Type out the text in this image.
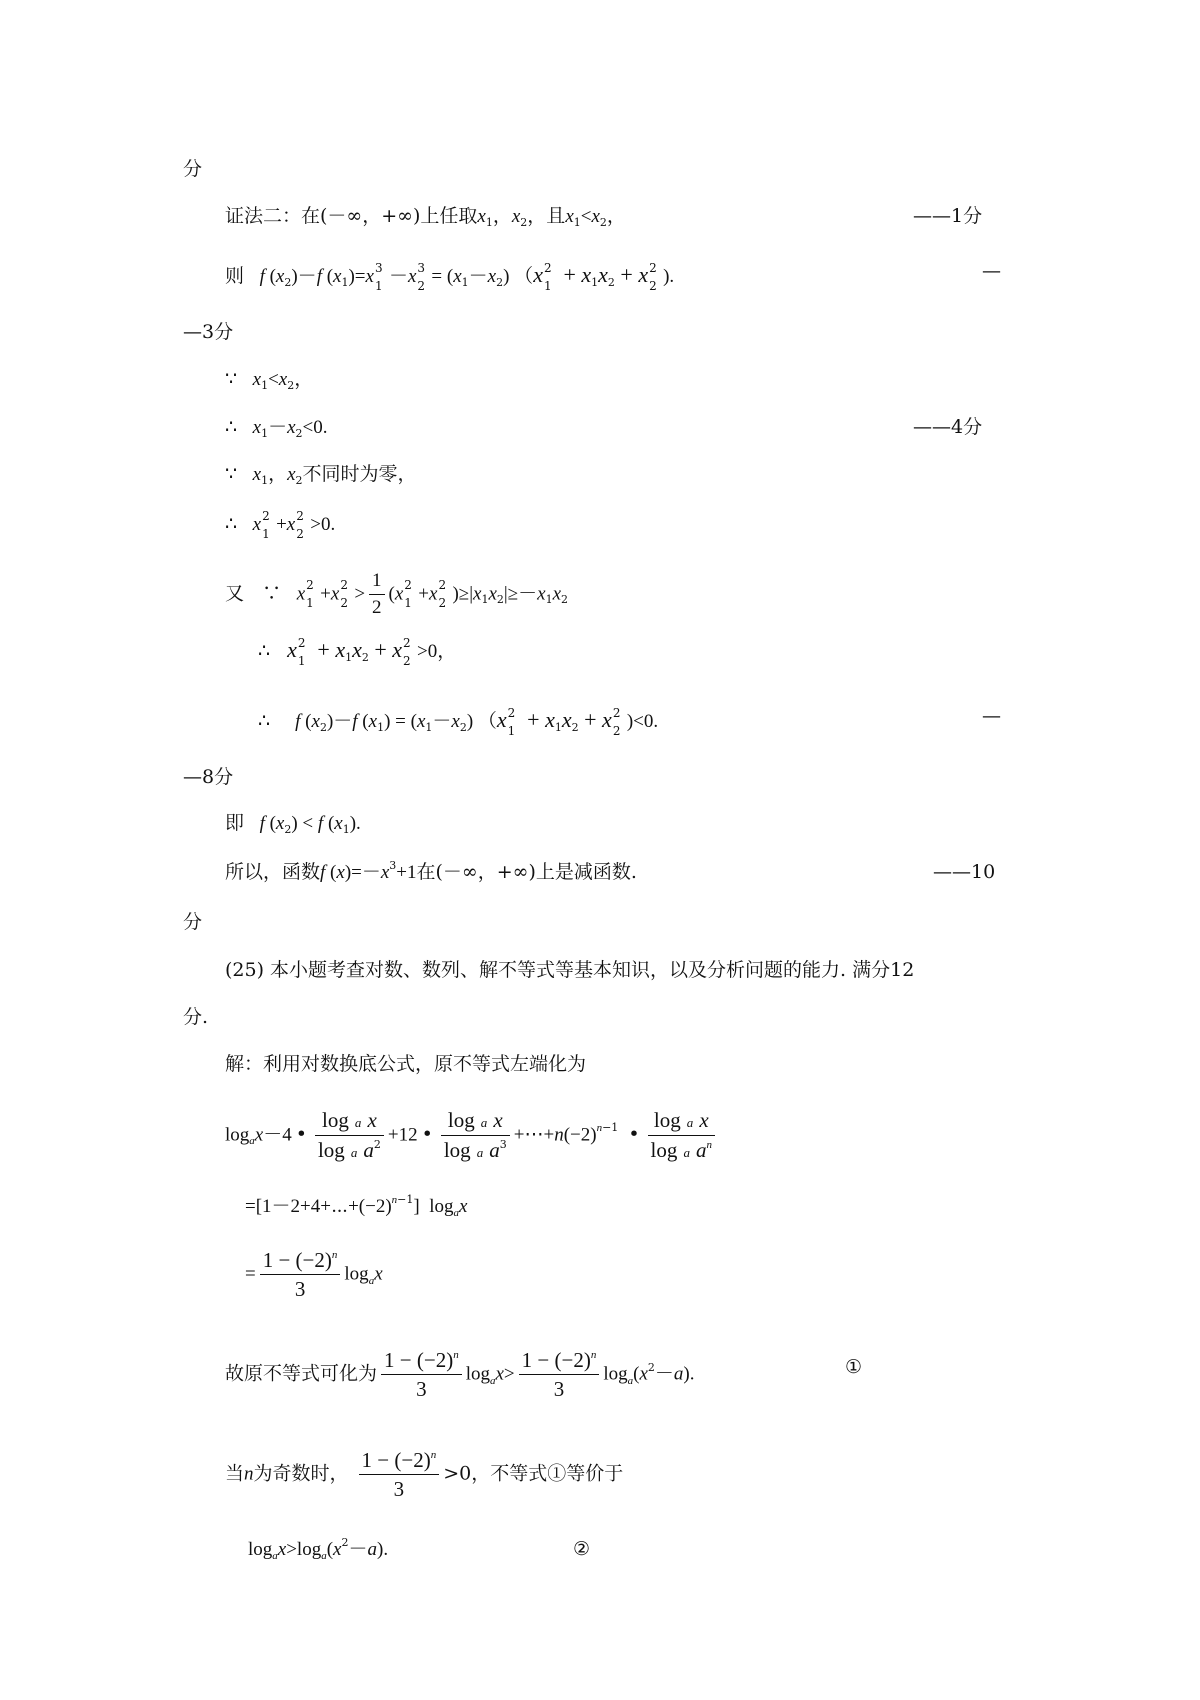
分
证法二：在(－∞，+∞)上任取$x_1$，$x_2$，且$x_1<x_2$，	——1分
则   f $(x_2)-f$ $(x_1)=x$ 3
1 －x 3
$2 = (x_1-x_2)$ （x 2
$1 + x_1x_2 + x$ 2
2 ).	—
—3分
∵   $x_1<x_2$，
∴   $x_1-x_2<0$.	——4分
∵   $x_1$，$x_2$不同时为零，
∴   x 2
1 +x 2
2 >0.
又 ∵   x 2
1 +x 2
$2 > \frac{1}{2} (x$ 2
1 +x 2
2 )$\ge|x_1x_2|\ge-x_1x_2$
∴   x 2
$1 + x_1x_2 + x$ 2
2 >0，
∴     f $(x_2)-f$ $(x_1) = (x_1-x_2)$ （x 2
$1 + x_1x_2 + x$ 2
2 )<0.	—
—8分
即   f $(x_2) < f$ $(x_1)$.
所以，函数f $(x)=-x^3+1$在(－∞，+∞)上是减函数.	——10
分
(25) 本小题考查对数、数列、解不等式等基本知识，以及分析问题的能力. 满分12
分.
解：利用对数换底公式，原不等式左端化为
$\log_ax-4$ • $\frac{\text{log a x}}{\log a a^2} +12$ • $\frac{\text{log a x}}{\log a a^3}$ $+\cdots+n(-2)^{n-1}$ • $\frac{\text{log a x}}{\log a a^n}$
$=[1-2+4+\cdots+(-2)^{n-1}]$  $\log_ax$
= $\frac{1 - (-2)^n}{3} \log_ax$
故原不等式可化为 $\frac{1 - (-2)^n}{3} \log_ax> \frac{1 - (-2)^n}{3} \log_a(x^2-a)$.	①
当n为奇数时， $\frac{1 - (-2)^n}{3} >0$，不等式①等价于
$\log_ax>\log_a(x^2-a)$.	②
